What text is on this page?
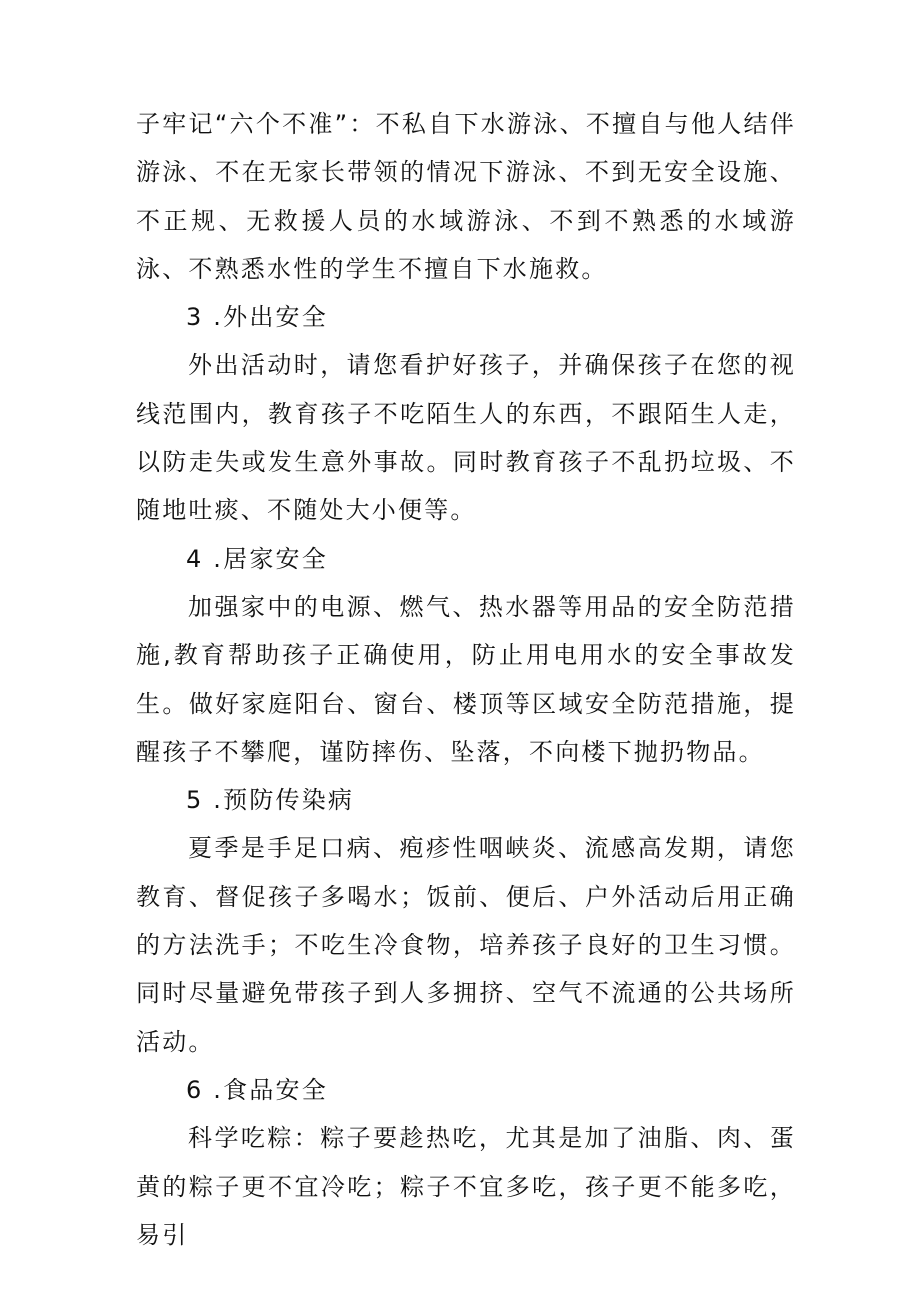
子牢记“六个不准”：不私自下水游泳、不擅自与他人结伴游泳、不在无家长带领的情况下游泳、不到无安全设施、不正规、无救援人员的水域游泳、不到不熟悉的水域游泳、不熟悉水性的学生不擅自下水施救。

3 .外出安全

外出活动时，请您看护好孩子，并确保孩子在您的视线范围内，教育孩子不吃陌生人的东西，不跟陌生人走，以防走失或发生意外事故。同时教育孩子不乱扔垃圾、不随地吐痰、不随处大小便等。

4 .居家安全

加强家中的电源、燃气、热水器等用品的安全防范措施,教育帮助孩子正确使用，防止用电用水的安全事故发生。做好家庭阳台、窗台、楼顶等区域安全防范措施，提醒孩子不攀爬，谨防摔伤、坠落，不向楼下抛扔物品。

5 .预防传染病

夏季是手足口病、疱疹性咽峡炎、流感高发期，请您教育、督促孩子多喝水；饭前、便后、户外活动后用正确的方法洗手；不吃生冷食物，培养孩子良好的卫生习惯。同时尽量避免带孩子到人多拥挤、空气不流通的公共场所活动。

6 .食品安全

科学吃粽：粽子要趁热吃，尤其是加了油脂、肉、蛋黄的粽子更不宜冷吃；粽子不宜多吃，孩子更不能多吃，易引
